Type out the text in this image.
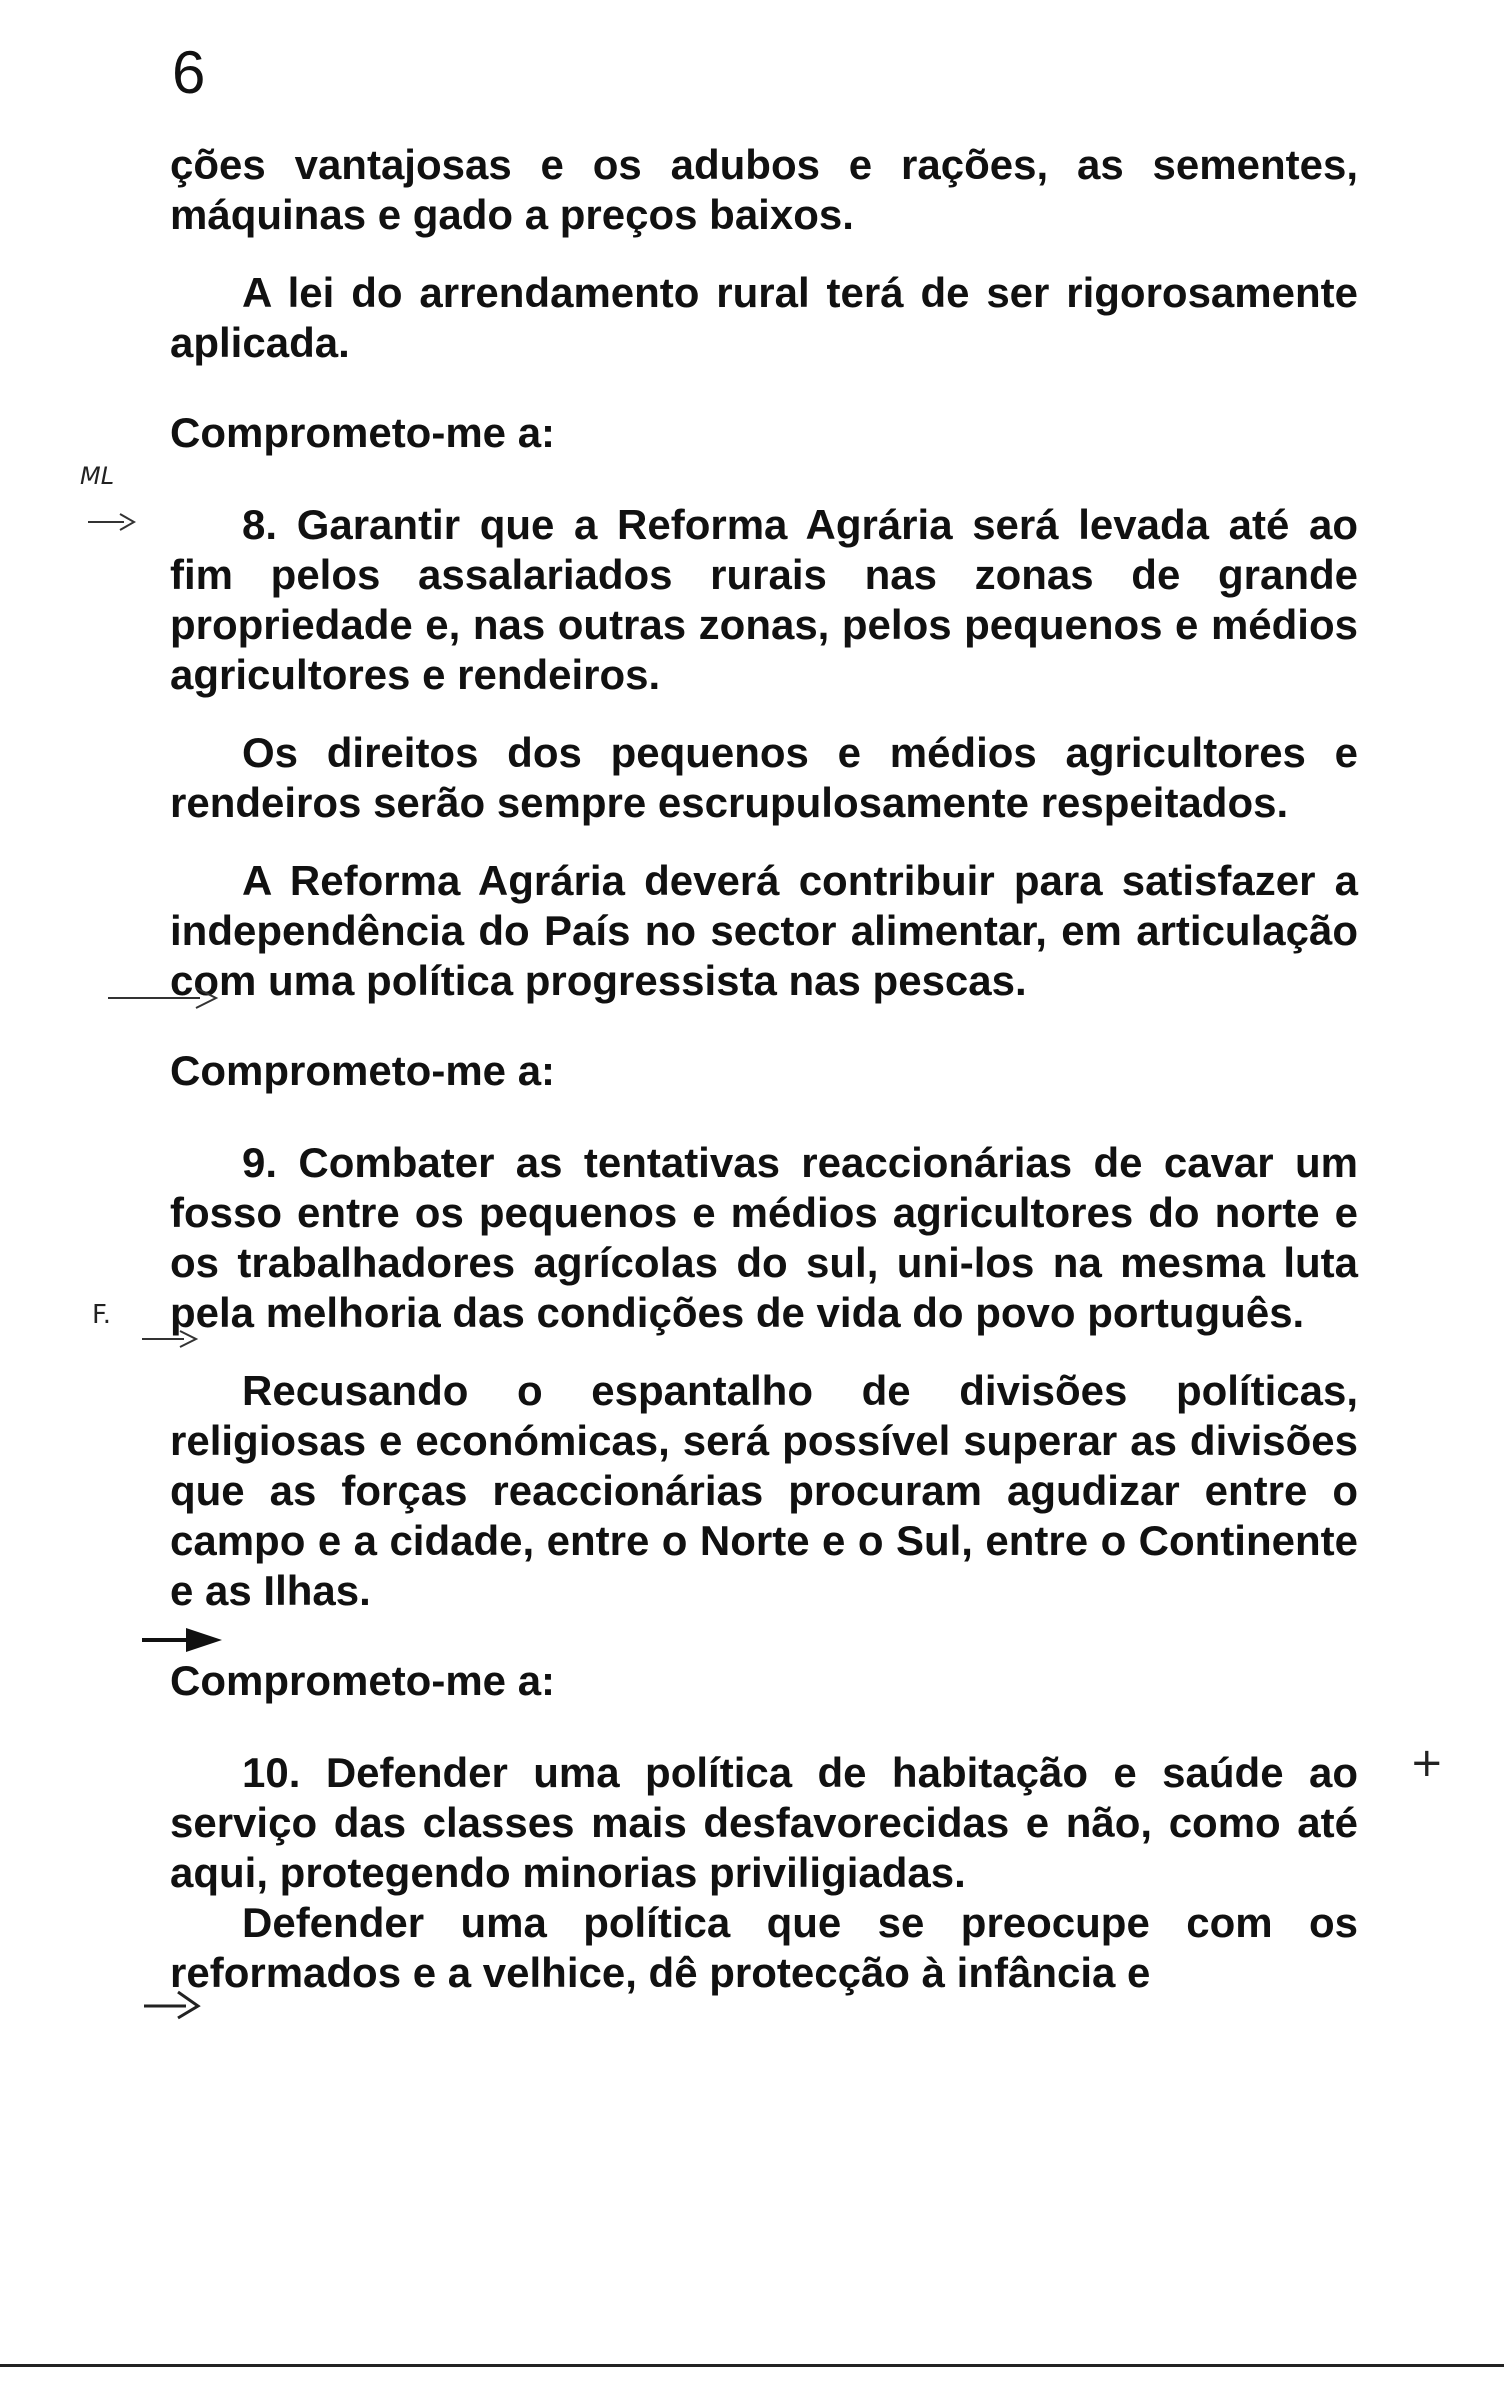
6

ções vantajosas e os adubos e rações, as sementes, máquinas e gado a preços baixos.

A lei do arrendamento rural terá de ser rigorosamente aplicada.

Comprometo-me a:

8. Garantir que a Reforma Agrária será levada até ao fim pelos assalariados rurais nas zonas de grande propriedade e, nas outras zonas, pelos pequenos e médios agricultores e rendeiros.

Os direitos dos pequenos e médios agricultores e rendeiros serão sempre escrupulosamente respeitados.

A Reforma Agrária deverá contribuir para satisfazer a independência do País no sector alimentar, em articulação com uma política progressista nas pescas.

Comprometo-me a:

9. Combater as tentativas reaccionárias de cavar um fosso entre os pequenos e médios agricultores do norte e os trabalhadores agrícolas do sul, uni-los na mesma luta pela melhoria das condições de vida do povo português.

Recusando o espantalho de divisões políticas, religiosas e económicas, será possível superar as divisões que as forças reaccionárias procuram agudizar entre o campo e a cidade, entre o Norte e o Sul, entre o Continente e as Ilhas.

Comprometo-me a:

10. Defender uma política de habitação e saúde ao serviço das classes mais desfavorecidas e não, como até aqui, protegendo minorias priviligiadas.

Defender uma política que se preocupe com os reformados e a velhice, dê protecção à infância e

ML
F.
+
